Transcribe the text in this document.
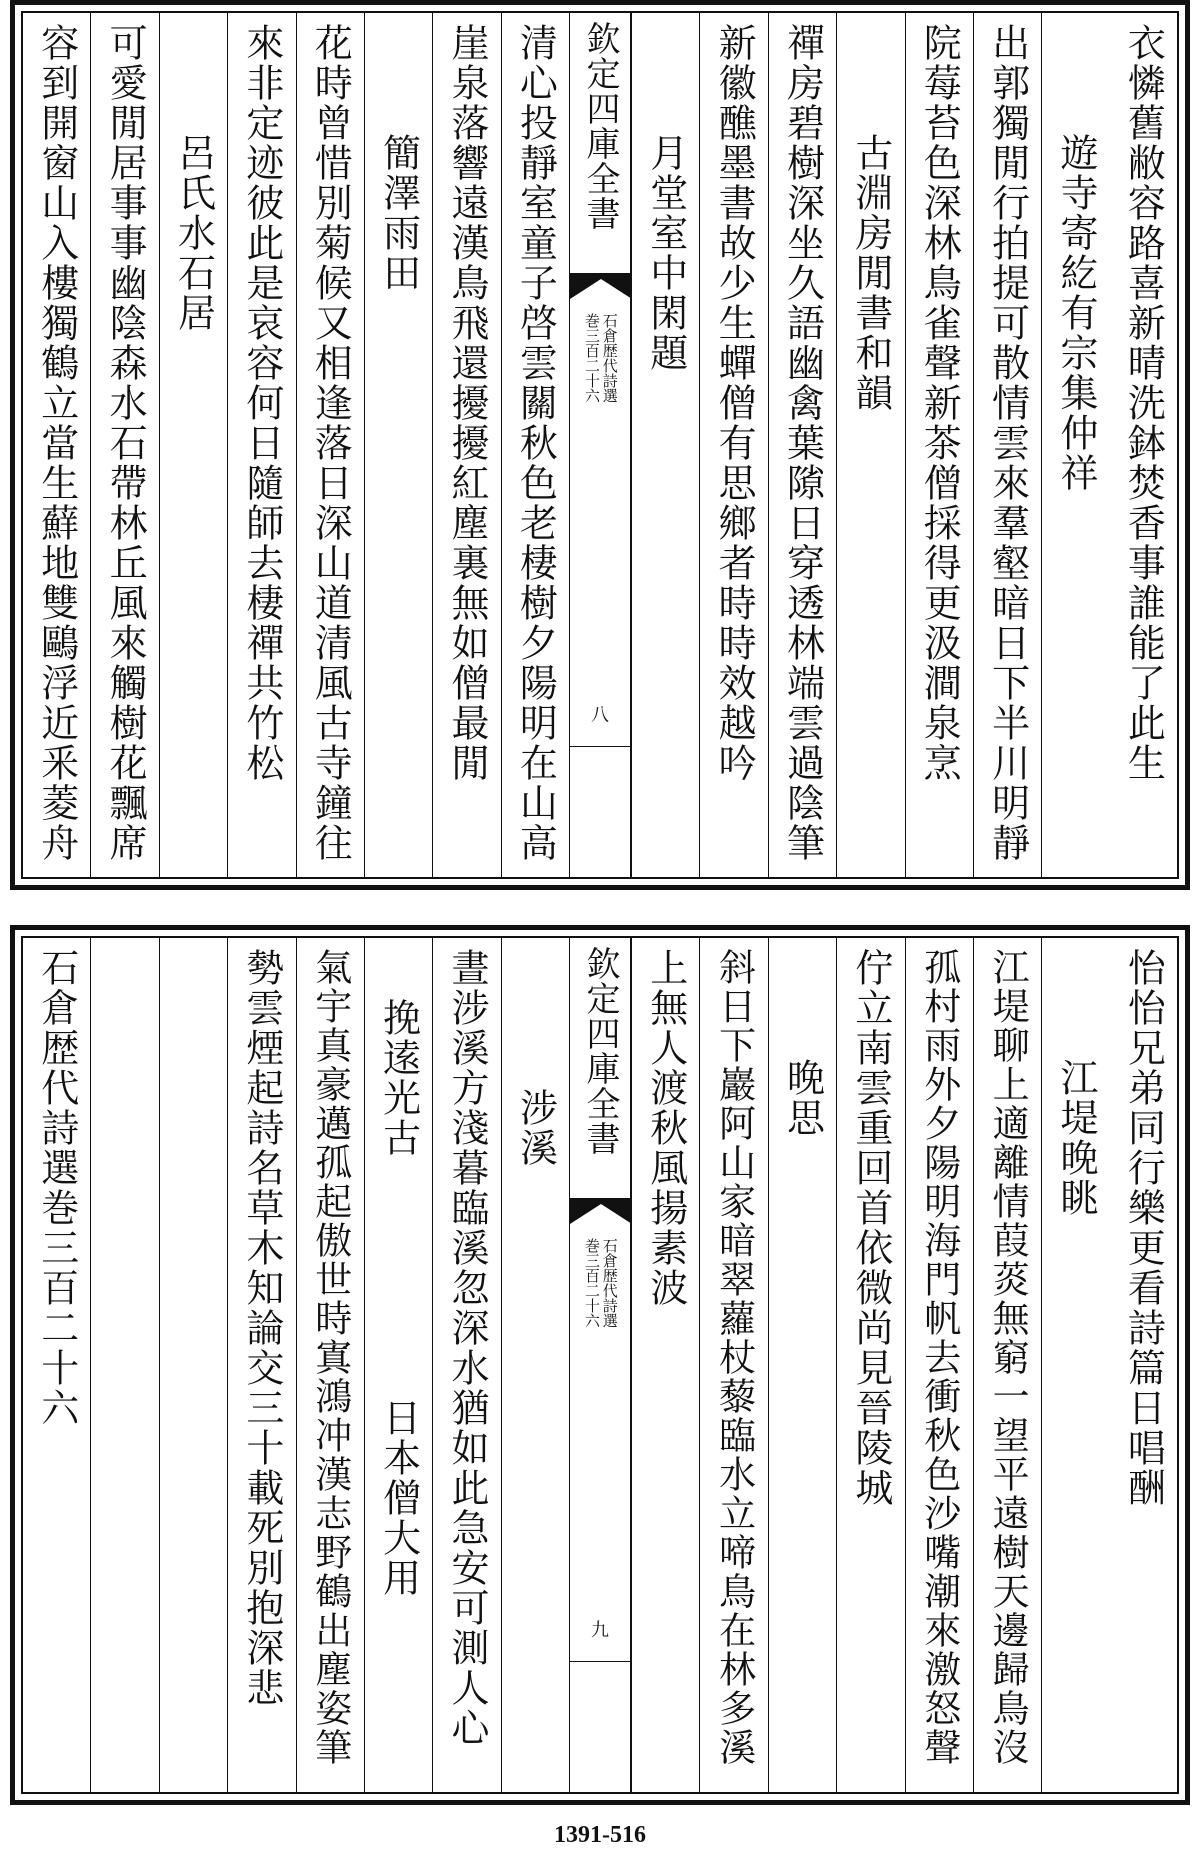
衣憐舊敝容路喜新晴洗鉢焚香事誰能了此生
遊寺寄紇有宗集仲祥
出郭獨閒行拍提可散情雲來羣壑暗日下半川明靜
院莓苔色深林鳥雀聲新茶僧採得更汲澗泉烹
古淵房閒書和韻
禪房碧樹深坐久語幽禽葉𨻶日穿透林端雲過陰筆
新徽醮墨書故少生蟬僧有思鄉者時時效越吟
月堂室中閑題
欽定四庫全書
石倉歴代詩選
巻三百二十六
八
清心投靜室童子啓雲關秋色老棲樹夕陽明在山高
崖泉落響遠漢鳥飛還擾擾紅塵裏無如僧最閒
簡澤雨田
花時曾惜別菊候又相逢落日深山道清風古寺鐘往
來非定迹彼此是哀容何日隨師去棲禪共竹松
呂氏水石居
可愛閒居事事幽陰森水石帶林丘風來觸樹花飄席
容到開窗山入樓獨鶴立當生蘚地雙鷗浮近釆菱舟
怡怡兄弟同行樂更看詩篇日唱酬
江堤晚眺
江堤聊上適離情葭菼無窮一望平遠樹天邊歸鳥沒
孤村雨外夕陽明海門帆去衝秋色沙嘴潮來激怒聲
佇立南雲重回首依微尚見晉陵城
晚思
斜日下巖阿山家暗翠蘿杖藜臨水立啼鳥在林多溪
上無人渡秋風揚素波
欽定四庫全書
石倉歴代詩選
巻三百二十六
九
涉溪
晝涉溪方淺暮臨溪忽深水猶如此急安可測人心
挽逺光古
日本僧大用
氣宇真豪邁孤起傲世時寘鴻冲漢志野鶴出塵姿筆
勢雲煙起詩名草木知論交三十載死別抱深悲
石倉歴代詩選巻三百二十六
1391-516
